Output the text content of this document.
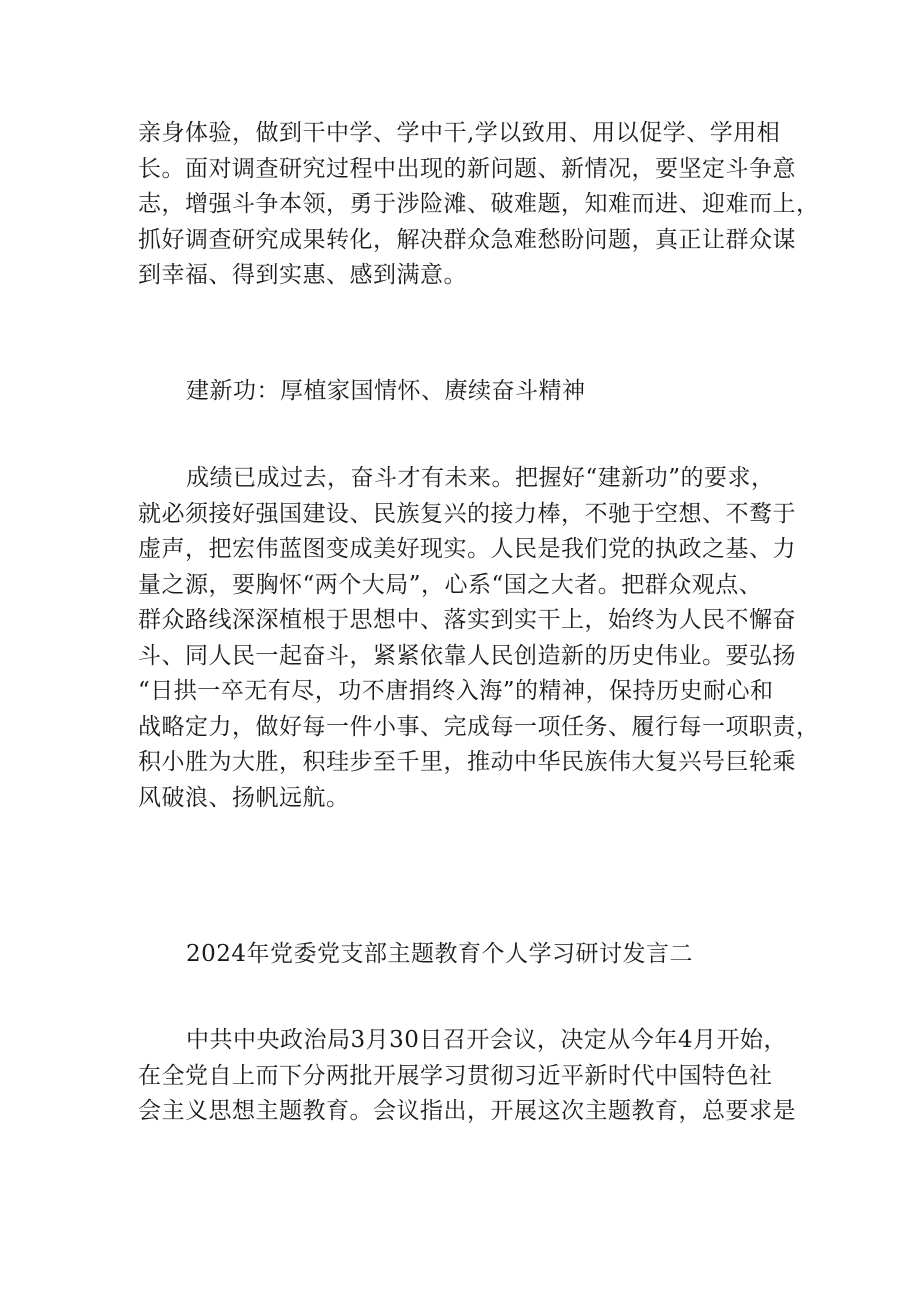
亲身体验，做到干中学、学中干,学以致用、用以促学、学用相
长。面对调查研究过程中出现的新问题、新情况，要坚定斗争意
志，增强斗争本领，勇于涉险滩、破难题，知难而进、迎难而上，
抓好调查研究成果转化，解决群众急难愁盼问题，真正让群众谋
到幸福、得到实惠、感到满意。
建新功：厚植家国情怀、赓续奋斗精神
成绩已成过去，奋斗才有未来。把握好“建新功”的要求，
就必须接好强国建设、民族复兴的接力棒，不驰于空想、不鹜于
虚声，把宏伟蓝图变成美好现实。人民是我们党的执政之基、力
量之源，要胸怀“两个大局”，心系“国之大者。把群众观点、
群众路线深深植根于思想中、落实到实干上，始终为人民不懈奋
斗、同人民一起奋斗，紧紧依靠人民创造新的历史伟业。要弘扬
“日拱一卒无有尽，功不唐捐终入海”的精神，保持历史耐心和
战略定力，做好每一件小事、完成每一项任务、履行每一项职责，
积小胜为大胜，积珪步至千里，推动中华民族伟大复兴号巨轮乘
风破浪、扬帆远航。
2024年党委党支部主题教育个人学习研讨发言二
中共中央政治局3月30日召开会议，决定从今年4月开始，
在全党自上而下分两批开展学习贯彻习近平新时代中国特色社
会主义思想主题教育。会议指出，开展这次主题教育，总要求是
